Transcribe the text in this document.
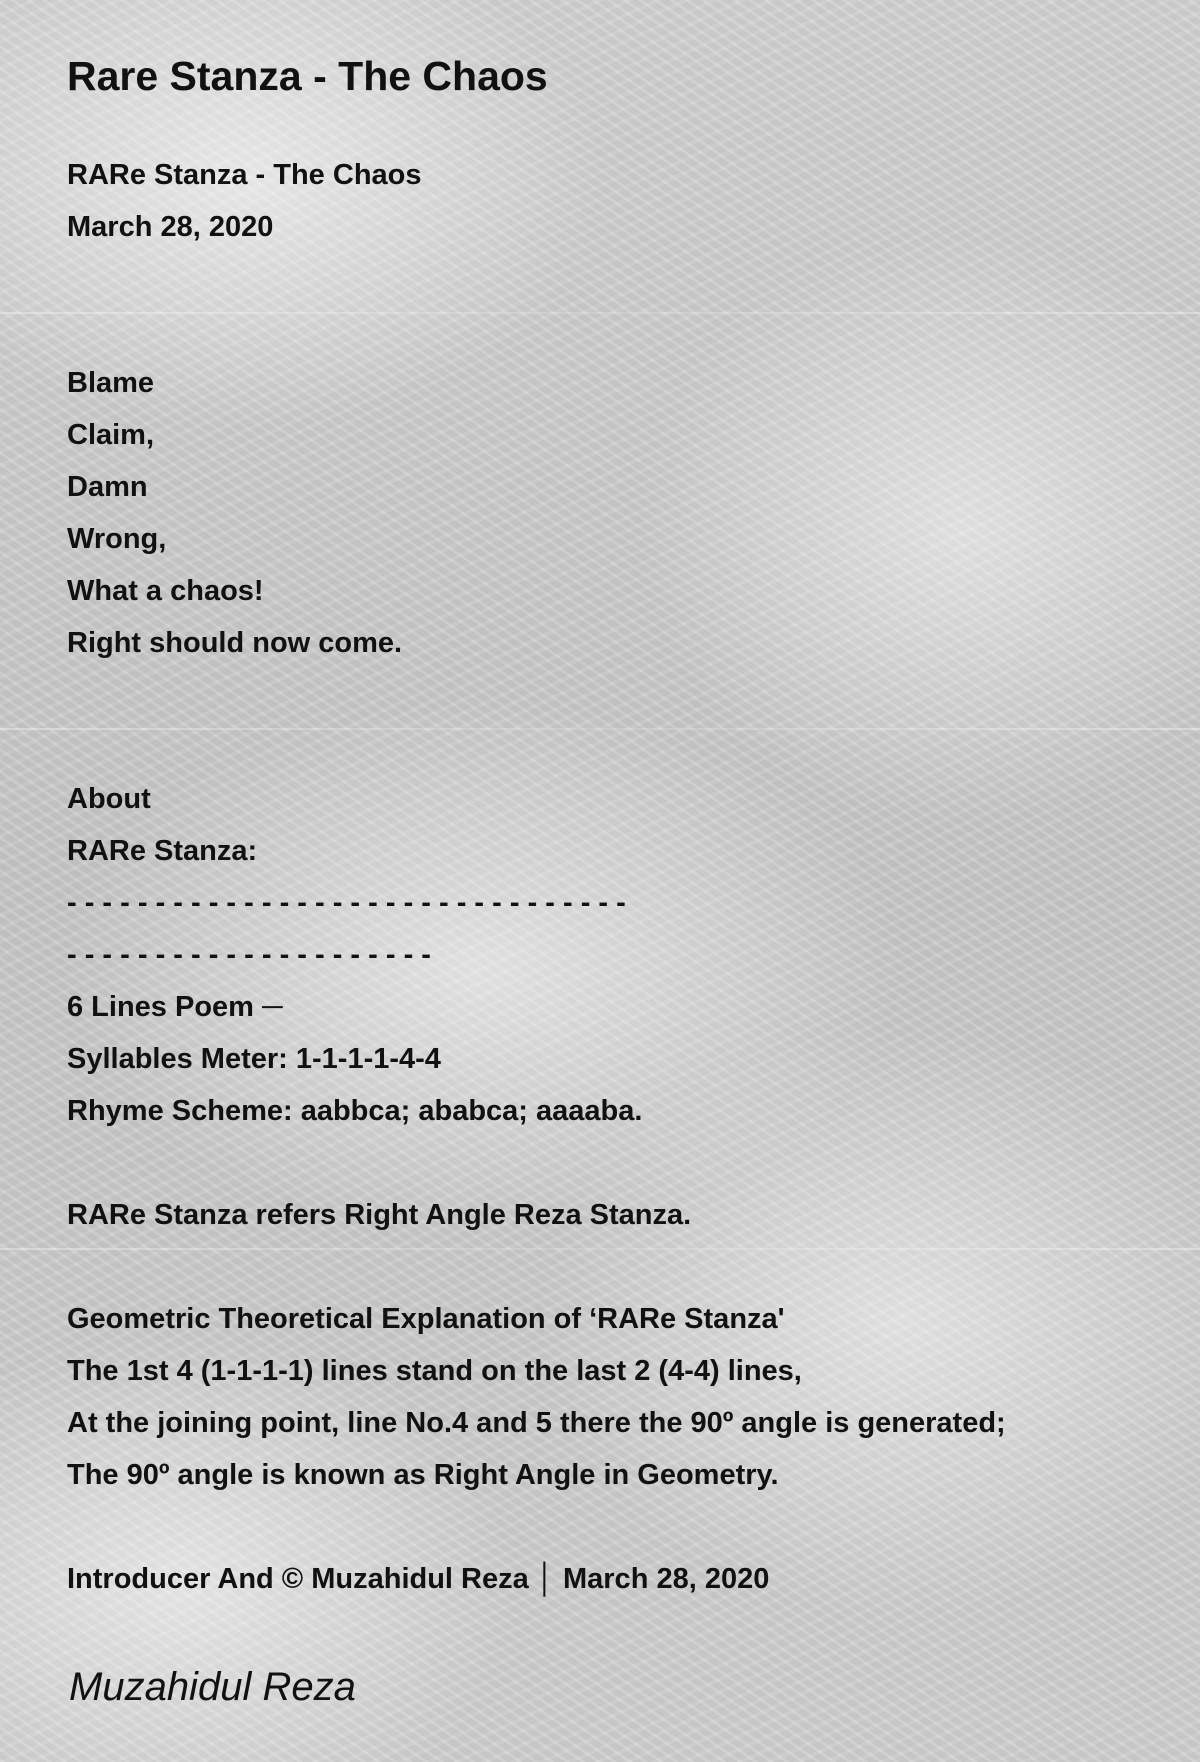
Rare Stanza - The Chaos
RARe Stanza - The Chaos
March 28, 2020
Blame
Claim,
Damn
Wrong,
What a chaos!
Right should now come.
About
RARe Stanza:
- - - - - - - - - - - - - - - - - - - - - - - - - - - - - - - -
- - - - - - - - - - - - - - - - - - - - -
6 Lines Poem ─
Syllables Meter: 1-1-1-1-4-4
Rhyme Scheme: aabbca; ababca; aaaaba.
RARe Stanza refers Right Angle Reza Stanza.
Geometric Theoretical Explanation of ‘RARe Stanza'
The 1st 4 (1-1-1-1) lines stand on the last 2 (4-4) lines,
At the joining point, line No.4 and 5 there the 90º angle is generated;
The 90º angle is known as Right Angle in Geometry.
Introducer And © Muzahidul Reza │ March 28, 2020
Muzahidul Reza
